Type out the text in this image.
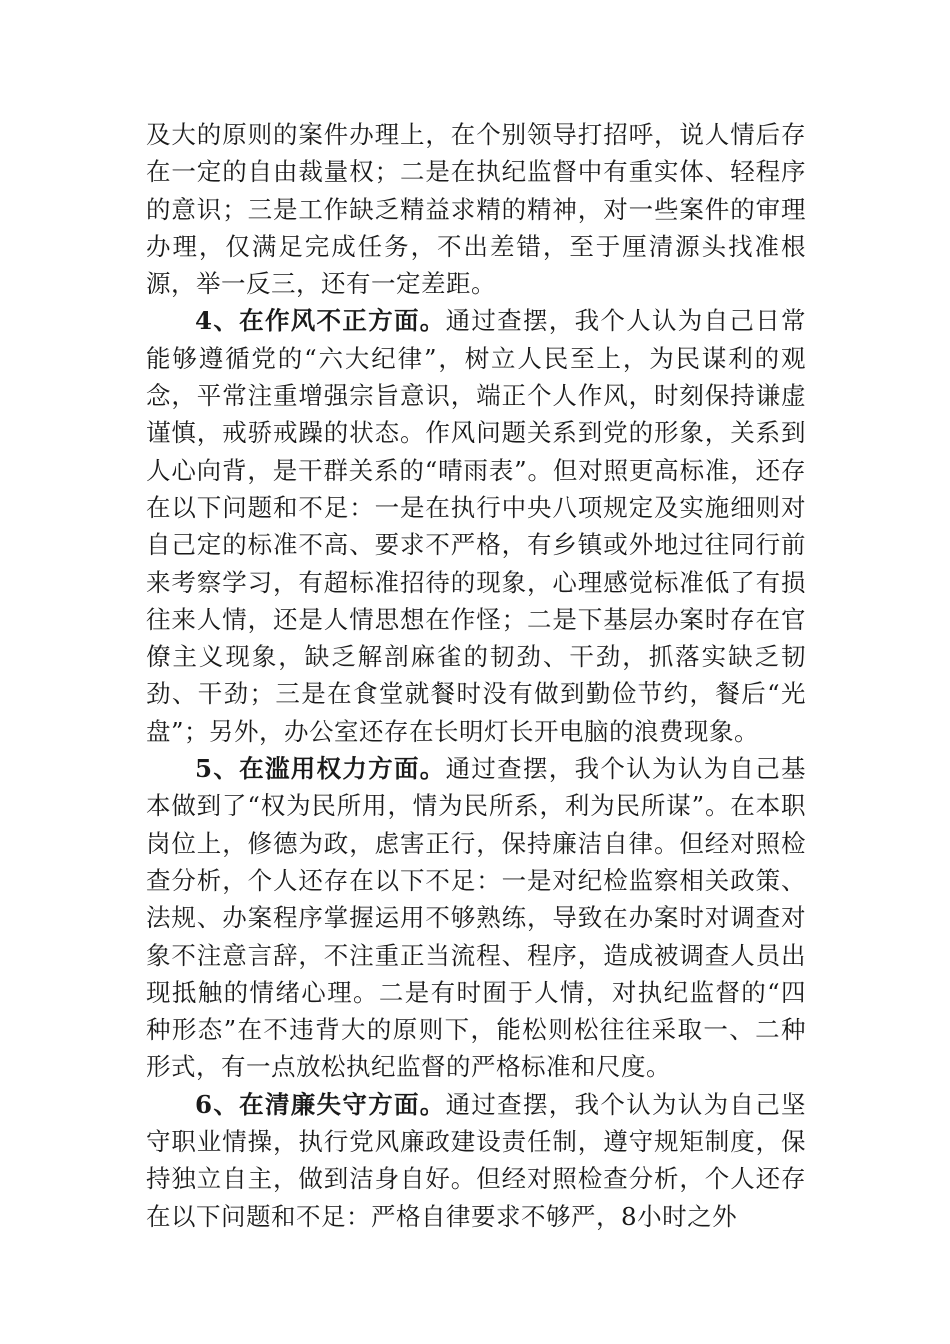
及大的原则的案件办理上，在个别领导打招呼，说人情后存在一定的自由裁量权；二是在执纪监督中有重实体、轻程序的意识；三是工作缺乏精益求精的精神，对一些案件的审理办理，仅满足完成任务，不出差错，至于厘清源头找准根源，举一反三，还有一定差距。

4、在作风不正方面。通过查摆，我个人认为自己日常能够遵循党的“六大纪律”，树立人民至上，为民谋利的观念，平常注重增强宗旨意识，端正个人作风，时刻保持谦虚谨慎，戒骄戒躁的状态。作风问题关系到党的形象，关系到人心向背，是干群关系的“晴雨表”。但对照更高标准，还存在以下问题和不足：一是在执行中央八项规定及实施细则对自己定的标准不高、要求不严格，有乡镇或外地过往同行前来考察学习，有超标准招待的现象，心理感觉标准低了有损往来人情，还是人情思想在作怪；二是下基层办案时存在官僚主义现象，缺乏解剖麻雀的韧劲、干劲，抓落实缺乏韧劲、干劲；三是在食堂就餐时没有做到勤俭节约，餐后“光盘”；另外，办公室还存在长明灯长开电脑的浪费现象。

5、在滥用权力方面。通过查摆，我个认为认为自己基本做到了“权为民所用，情为民所系，利为民所谋”。在本职岗位上，修德为政，虑害正行，保持廉洁自律。但经对照检查分析，个人还存在以下不足：一是对纪检监察相关政策、法规、办案程序掌握运用不够熟练，导致在办案时对调查对象不注意言辞，不注重正当流程、程序，造成被调查人员出现抵触的情绪心理。二是有时囿于人情，对执纪监督的“四种形态”在不违背大的原则下，能松则松往往采取一、二种形式，有一点放松执纪监督的严格标准和尺度。

6、在清廉失守方面。通过查摆，我个认为认为自己坚守职业情操，执行党风廉政建设责任制，遵守规矩制度，保持独立自主，做到洁身自好。但经对照检查分析，个人还存在以下问题和不足：严格自律要求不够严，8小时之外
